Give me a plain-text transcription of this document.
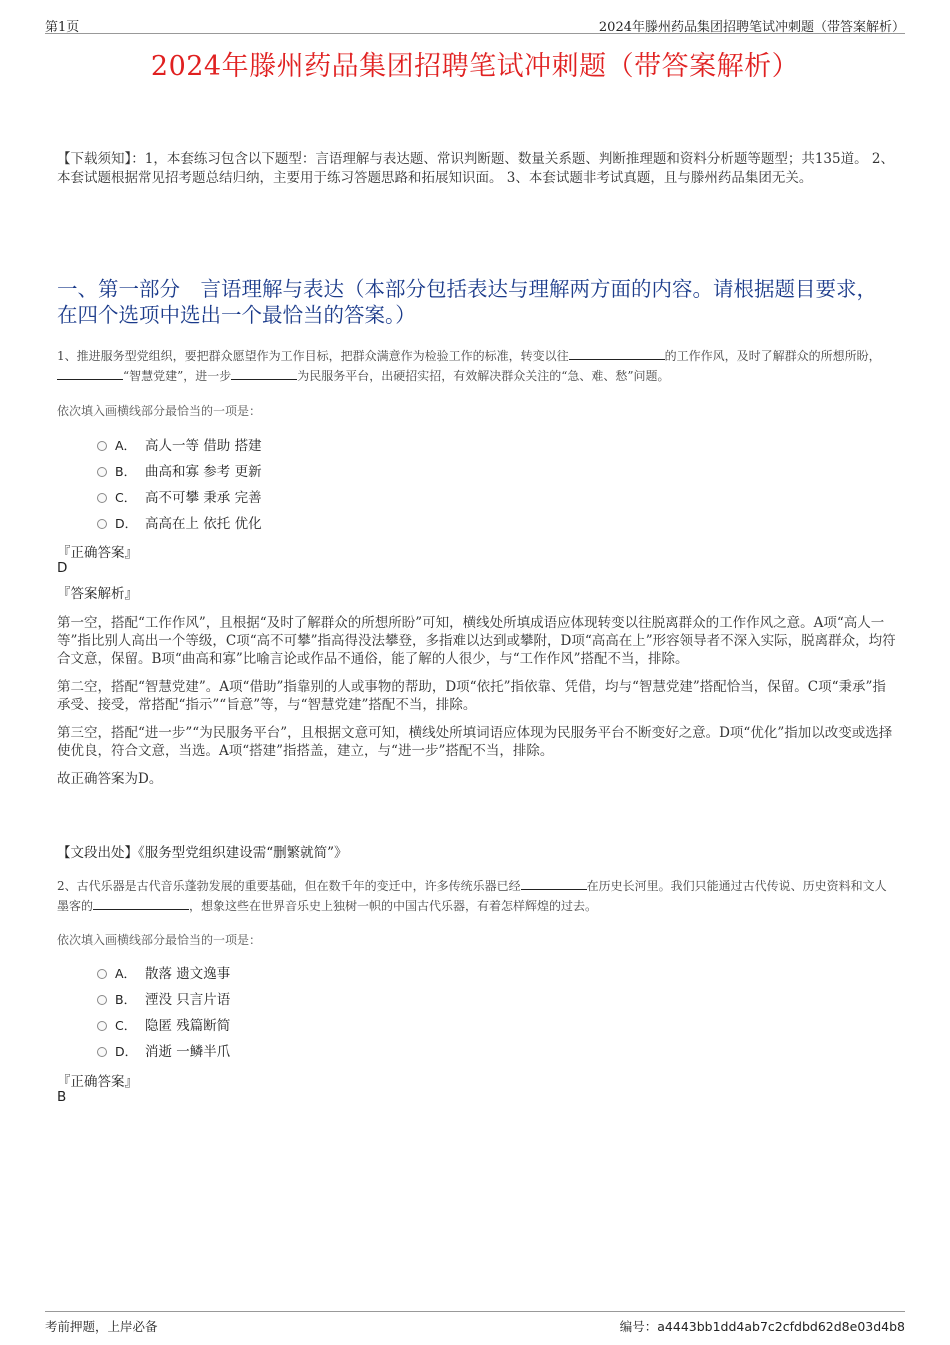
第1页	2024年滕州药品集团招聘笔试冲刺题（带答案解析）
2024年滕州药品集团招聘笔试冲刺题（带答案解析）
【下载须知】：1，本套练习包含以下题型：言语理解与表达题、常识判断题、数量关系题、判断推理题和资料分析题等题型；共135道。 2、本套试题根据常见招考题总结归纳，主要用于练习答题思路和拓展知识面。 3、本套试题非考试真题，且与滕州药品集团无关。
一、第一部分　言语理解与表达（本部分包括表达与理解两方面的内容。请根据题目要求，在四个选项中选出一个最恰当的答案。）
1、推进服务型党组织，要把群众愿望作为工作目标，把群众满意作为检验工作的标准，转变以往	的工作作风，及时了解群众的所想所盼，“智慧党建”，进一步	为民服务平台，出硬招实招，有效解决群众关注的“急、难、愁”问题。
依次填入画横线部分最恰当的一项是：
A． 高人一等 借助 搭建
B． 曲高和寡 参考 更新
C． 高不可攀 秉承 完善
D． 高高在上 依托 优化
『正确答案』
D
『答案解析』

第一空，搭配“工作作风”，且根据“及时了解群众的所想所盼”可知，横线处所填成语应体现转变以往脱离群众的工作作风之意。A项“高人一等”指比别人高出一个等级，C项“高不可攀”指高得没法攀登，多指难以达到或攀附，D项“高高在上”形容领导者不深入实际，脱离群众，均符合文意，保留。B项“曲高和寡”比喻言论或作品不通俗，能了解的人很少，与“工作作风”搭配不当，排除。

第二空，搭配“智慧党建”。A项“借助”指靠别的人或事物的帮助，D项“依托”指依靠、凭借，均与“智慧党建”搭配恰当，保留。C项“秉承”指承受、接受，常搭配“指示”“旨意”等，与“智慧党建”搭配不当，排除。

第三空，搭配“进一步”“为民服务平台”，且根据文意可知，横线处所填词语应体现为民服务平台不断变好之意。D项“优化”指加以改变或选择使优良，符合文意，当选。A项“搭建”指搭盖，建立，与“进一步”搭配不当，排除。

故正确答案为D。

【文段出处】《服务型党组织建设需“删繁就简”》
2、古代乐器是古代音乐蓬勃发展的重要基础，但在数千年的变迁中，许多传统乐器已经	在历史长河里。我们只能通过古代传说、历史资料和文人墨客的	，想象这些在世界音乐史上独树一帜的中国古代乐器，有着怎样辉煌的过去。
依次填入画横线部分最恰当的一项是：
A． 散落 遗文逸事
B． 湮没 只言片语
C． 隐匿 残篇断简
D． 消逝 一鳞半爪
『正确答案』
B
考前押题，上岸必备	编号：a4443bb1dd4ab7c2cfdbd62d8e03d4b8
